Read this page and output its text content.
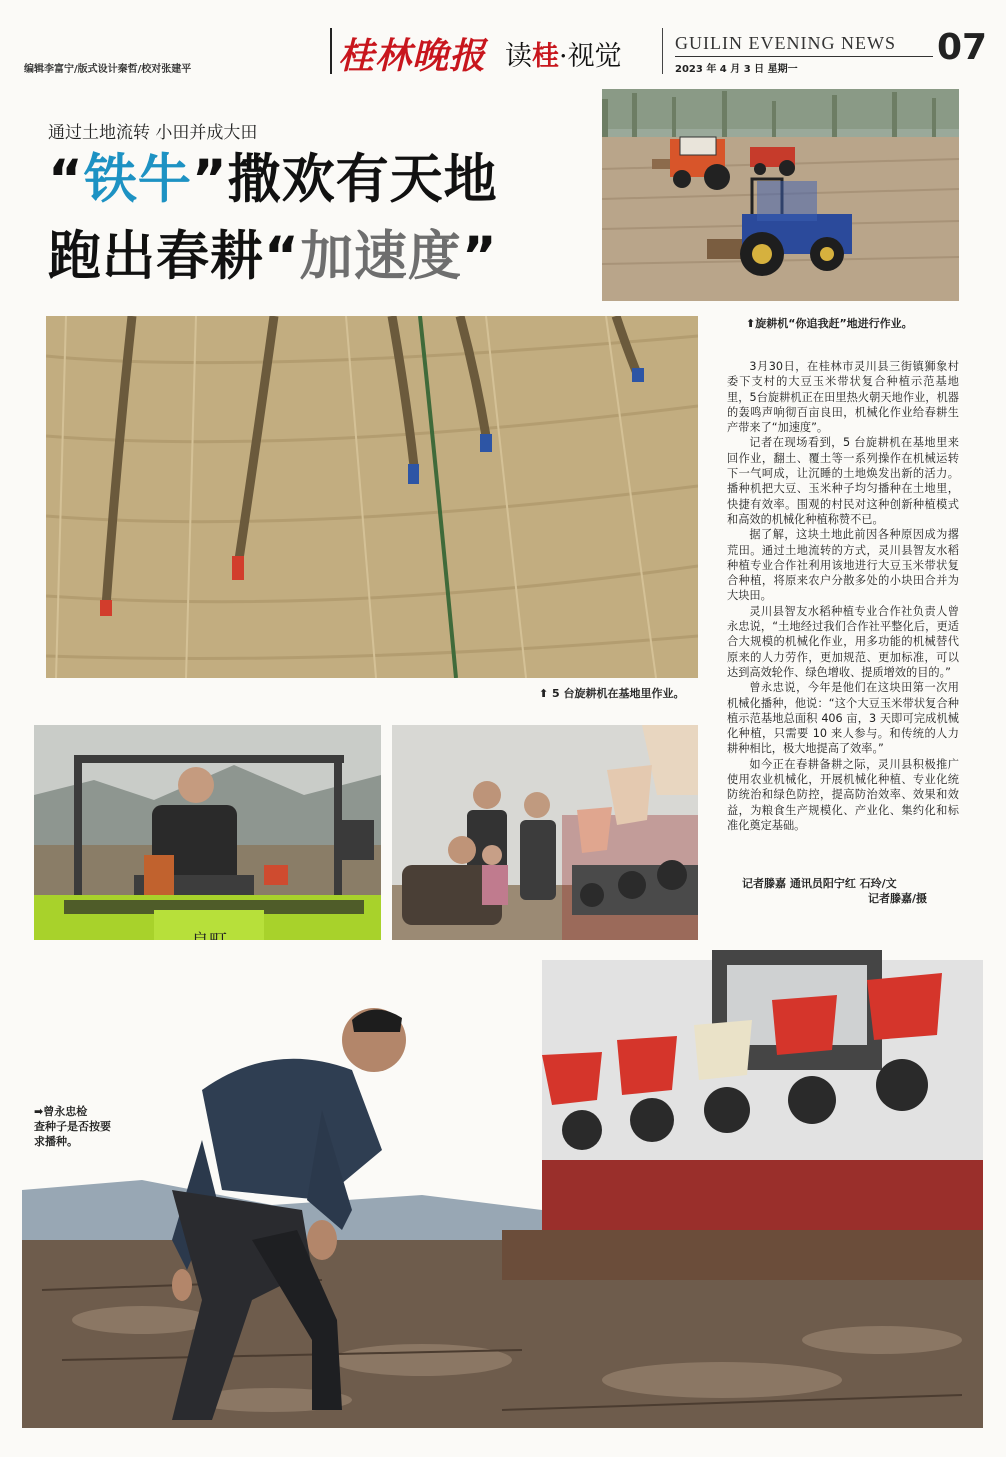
编辑李富宁/版式设计秦哲/校对张建平	桂林晚报 读桂·视觉	GUILIN EVENING NEWS 07
2023 年 4 月 3 日 星期一
通过土地流转 小田并成大田
“铁牛”撒欢有天地
跑出春耕“加速度”
⬆旋耕机“你追我赶”地进行作业。
⬆ 5 台旋耕机在基地里作业。

3月30日，在桂林市灵川县三街镇狮象村委下支村的大豆玉米带状复合种植示范基地里，5台旋耕机正在田里热火朝天地作业，机器的轰鸣声响彻百亩良田，机械化作业给春耕生产带来了“加速度”。

记者在现场看到，5 台旋耕机在基地里来回作业，翻土、覆土等一系列操作在机械运转下一气呵成，让沉睡的土地焕发出新的活力。播种机把大豆、玉米种子均匀播种在土地里，快捷有效率。围观的村民对这种创新种植模式和高效的机械化种植称赞不已。

据了解，这块土地此前因各种原因成为撂荒田。通过土地流转的方式，灵川县智友水稻种植专业合作社利用该地进行大豆玉米带状复合种植，将原来农户分散多处的小块田合并为大块田。

灵川县智友水稻种植专业合作社负责人曾永忠说，“土地经过我们合作社平整化后，更适合大规模的机械化作业，用多功能的机械替代原来的人力劳作，更加规范、更加标准，可以达到高效轮作、绿色增收、提质增效的目的。”

曾永忠说，今年是他们在这块田第一次用机械化播种，他说：“这个大豆玉米带状复合种植示范基地总面积 406 亩，3 天即可完成机械化种植，只需要 10 来人参与。和传统的人力耕种相比，极大地提高了效率。”

如今正在春耕备耕之际，灵川县积极推广使用农业机械化，开展机械化种植、专业化统防统治和绿色防控，提高防治效率、效果和效益，为粮食生产规模化、产业化、集约化和标准化奠定基础。

记者滕嘉 通讯员阳宁红 石玲/文
记者滕嘉/摄
➡曾永忠检
查种子是否按要
求播种。
